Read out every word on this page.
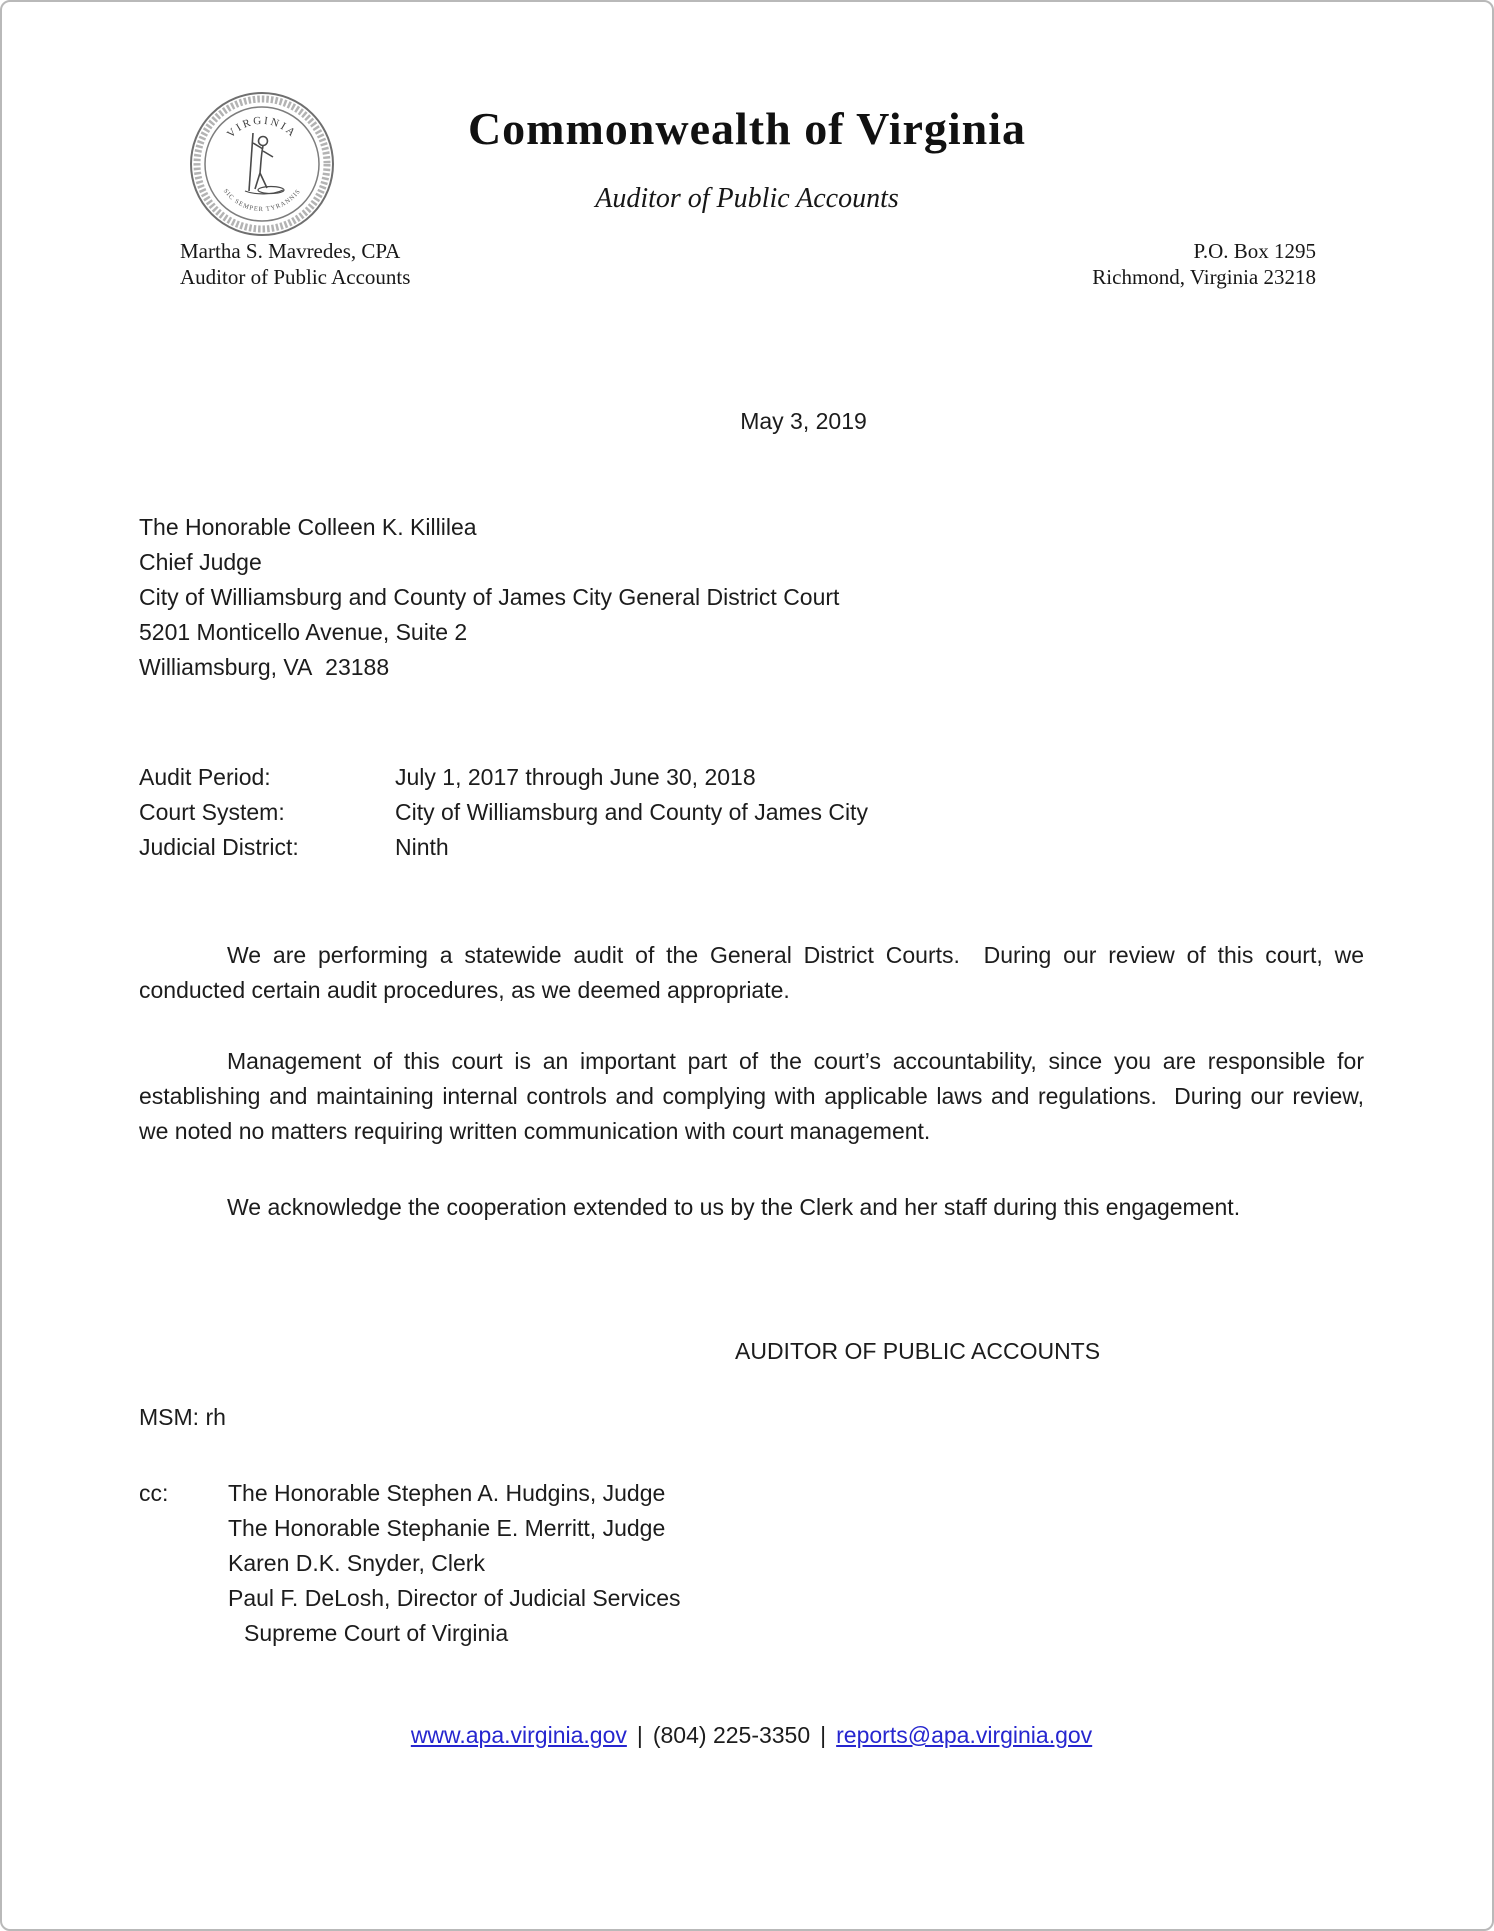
VIRGINIA
SIC SEMPER TYRANNIS
Commonwealth of Virginia
Auditor of Public Accounts
Martha S. Mavredes, CPA
Auditor of Public Accounts
P.O. Box 1295
Richmond, Virginia 23218
May 3, 2019
The Honorable Colleen K. Killilea
Chief Judge
City of Williamsburg and County of James City General District Court
5201 Monticello Avenue, Suite 2
Williamsburg, VA  23188
Audit Period:	July 1, 2017 through June 30, 2018
Court System:	City of Williamsburg and County of James City
Judicial District:	Ninth

We are performing a statewide audit of the General District Courts.  During our review of this court, we conducted certain audit procedures, as we deemed appropriate.

Management of this court is an important part of the court’s accountability, since you are responsible for establishing and maintaining internal controls and complying with applicable laws and regulations.  During our review, we noted no matters requiring written communication with court management.

We acknowledge the cooperation extended to us by the Clerk and her staff during this engagement.

AUDITOR OF PUBLIC ACCOUNTS
MSM: rh
cc:	The Honorable Stephen A. Hudgins, Judge
The Honorable Stephanie E. Merritt, Judge
Karen D.K. Snyder, Clerk
Paul F. DeLosh, Director of Judicial Services
Supreme Court of Virginia
www.apa.virginia.gov | (804) 225-3350 | reports@apa.virginia.gov
